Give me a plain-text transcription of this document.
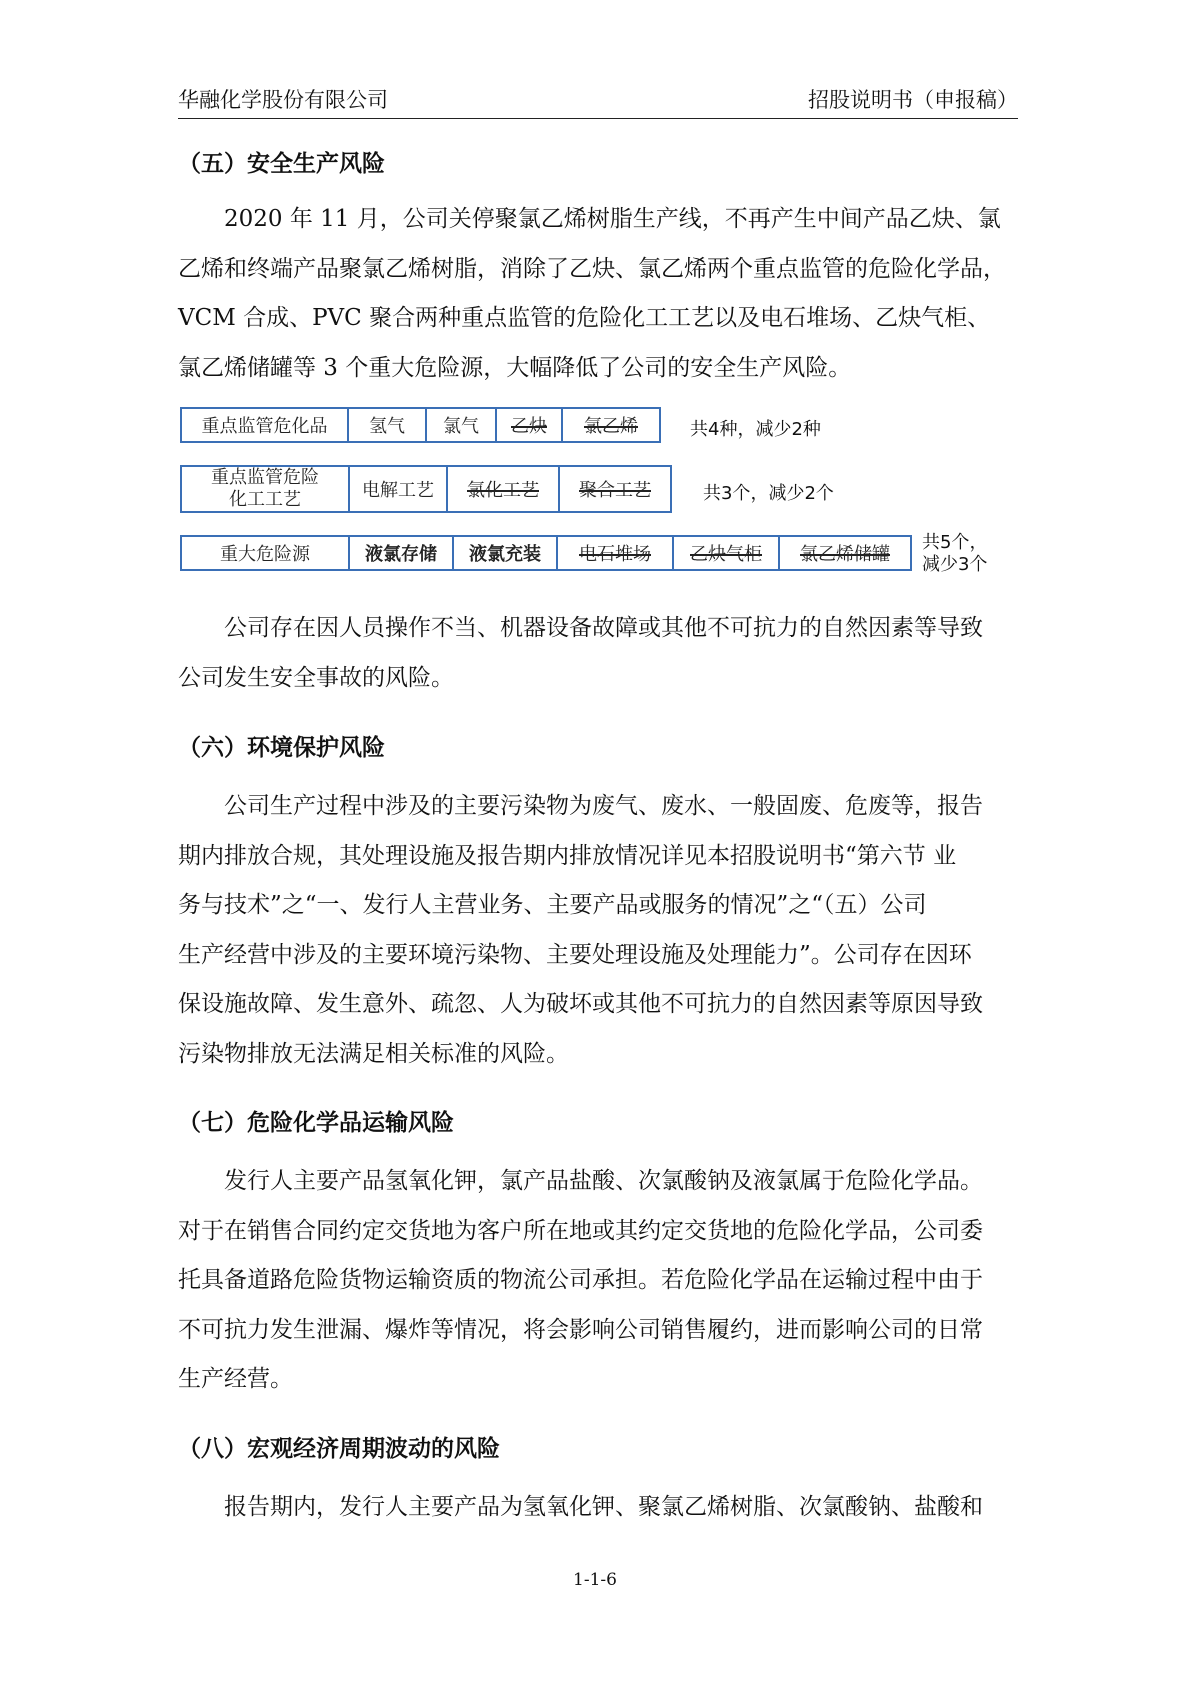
华融化学股份有限公司	招股说明书（申报稿）
（五）安全生产风险
2020 年 11 月，公司关停聚氯乙烯树脂生产线，不再产生中间产品乙炔、氯
乙烯和终端产品聚氯乙烯树脂，消除了乙炔、氯乙烯两个重点监管的危险化学品，
VCM 合成、PVC 聚合两种重点监管的危险化工工艺以及电石堆场、乙炔气柜、
氯乙烯储罐等 3 个重大危险源，大幅降低了公司的安全生产风险。
重点监管危化品	氢气	氯气	乙炔	氯乙烯	共4种，减少2种
重点监管危险
化工工艺	电解工艺	氯化工艺	聚合工艺	共3个，减少2个
重大危险源	液氯存储	液氯充装	电石堆场	乙炔气柜	氯乙烯储罐
共5个，
减少3个
公司存在因人员操作不当、机器设备故障或其他不可抗力的自然因素等导致
公司发生安全事故的风险。
（六）环境保护风险
公司生产过程中涉及的主要污染物为废气、废水、一般固废、危废等，报告
期内排放合规，其处理设施及报告期内排放情况详见本招股说明书“第六节 业
务与技术”之“一、发行人主营业务、主要产品或服务的情况”之“（五）公司
生产经营中涉及的主要环境污染物、主要处理设施及处理能力”。公司存在因环
保设施故障、发生意外、疏忽、人为破坏或其他不可抗力的自然因素等原因导致
污染物排放无法满足相关标准的风险。
（七）危险化学品运输风险
发行人主要产品氢氧化钾，氯产品盐酸、次氯酸钠及液氯属于危险化学品。
对于在销售合同约定交货地为客户所在地或其约定交货地的危险化学品，公司委
托具备道路危险货物运输资质的物流公司承担。若危险化学品在运输过程中由于
不可抗力发生泄漏、爆炸等情况，将会影响公司销售履约，进而影响公司的日常
生产经营。
（八）宏观经济周期波动的风险
报告期内，发行人主要产品为氢氧化钾、聚氯乙烯树脂、次氯酸钠、盐酸和
1-1-6
